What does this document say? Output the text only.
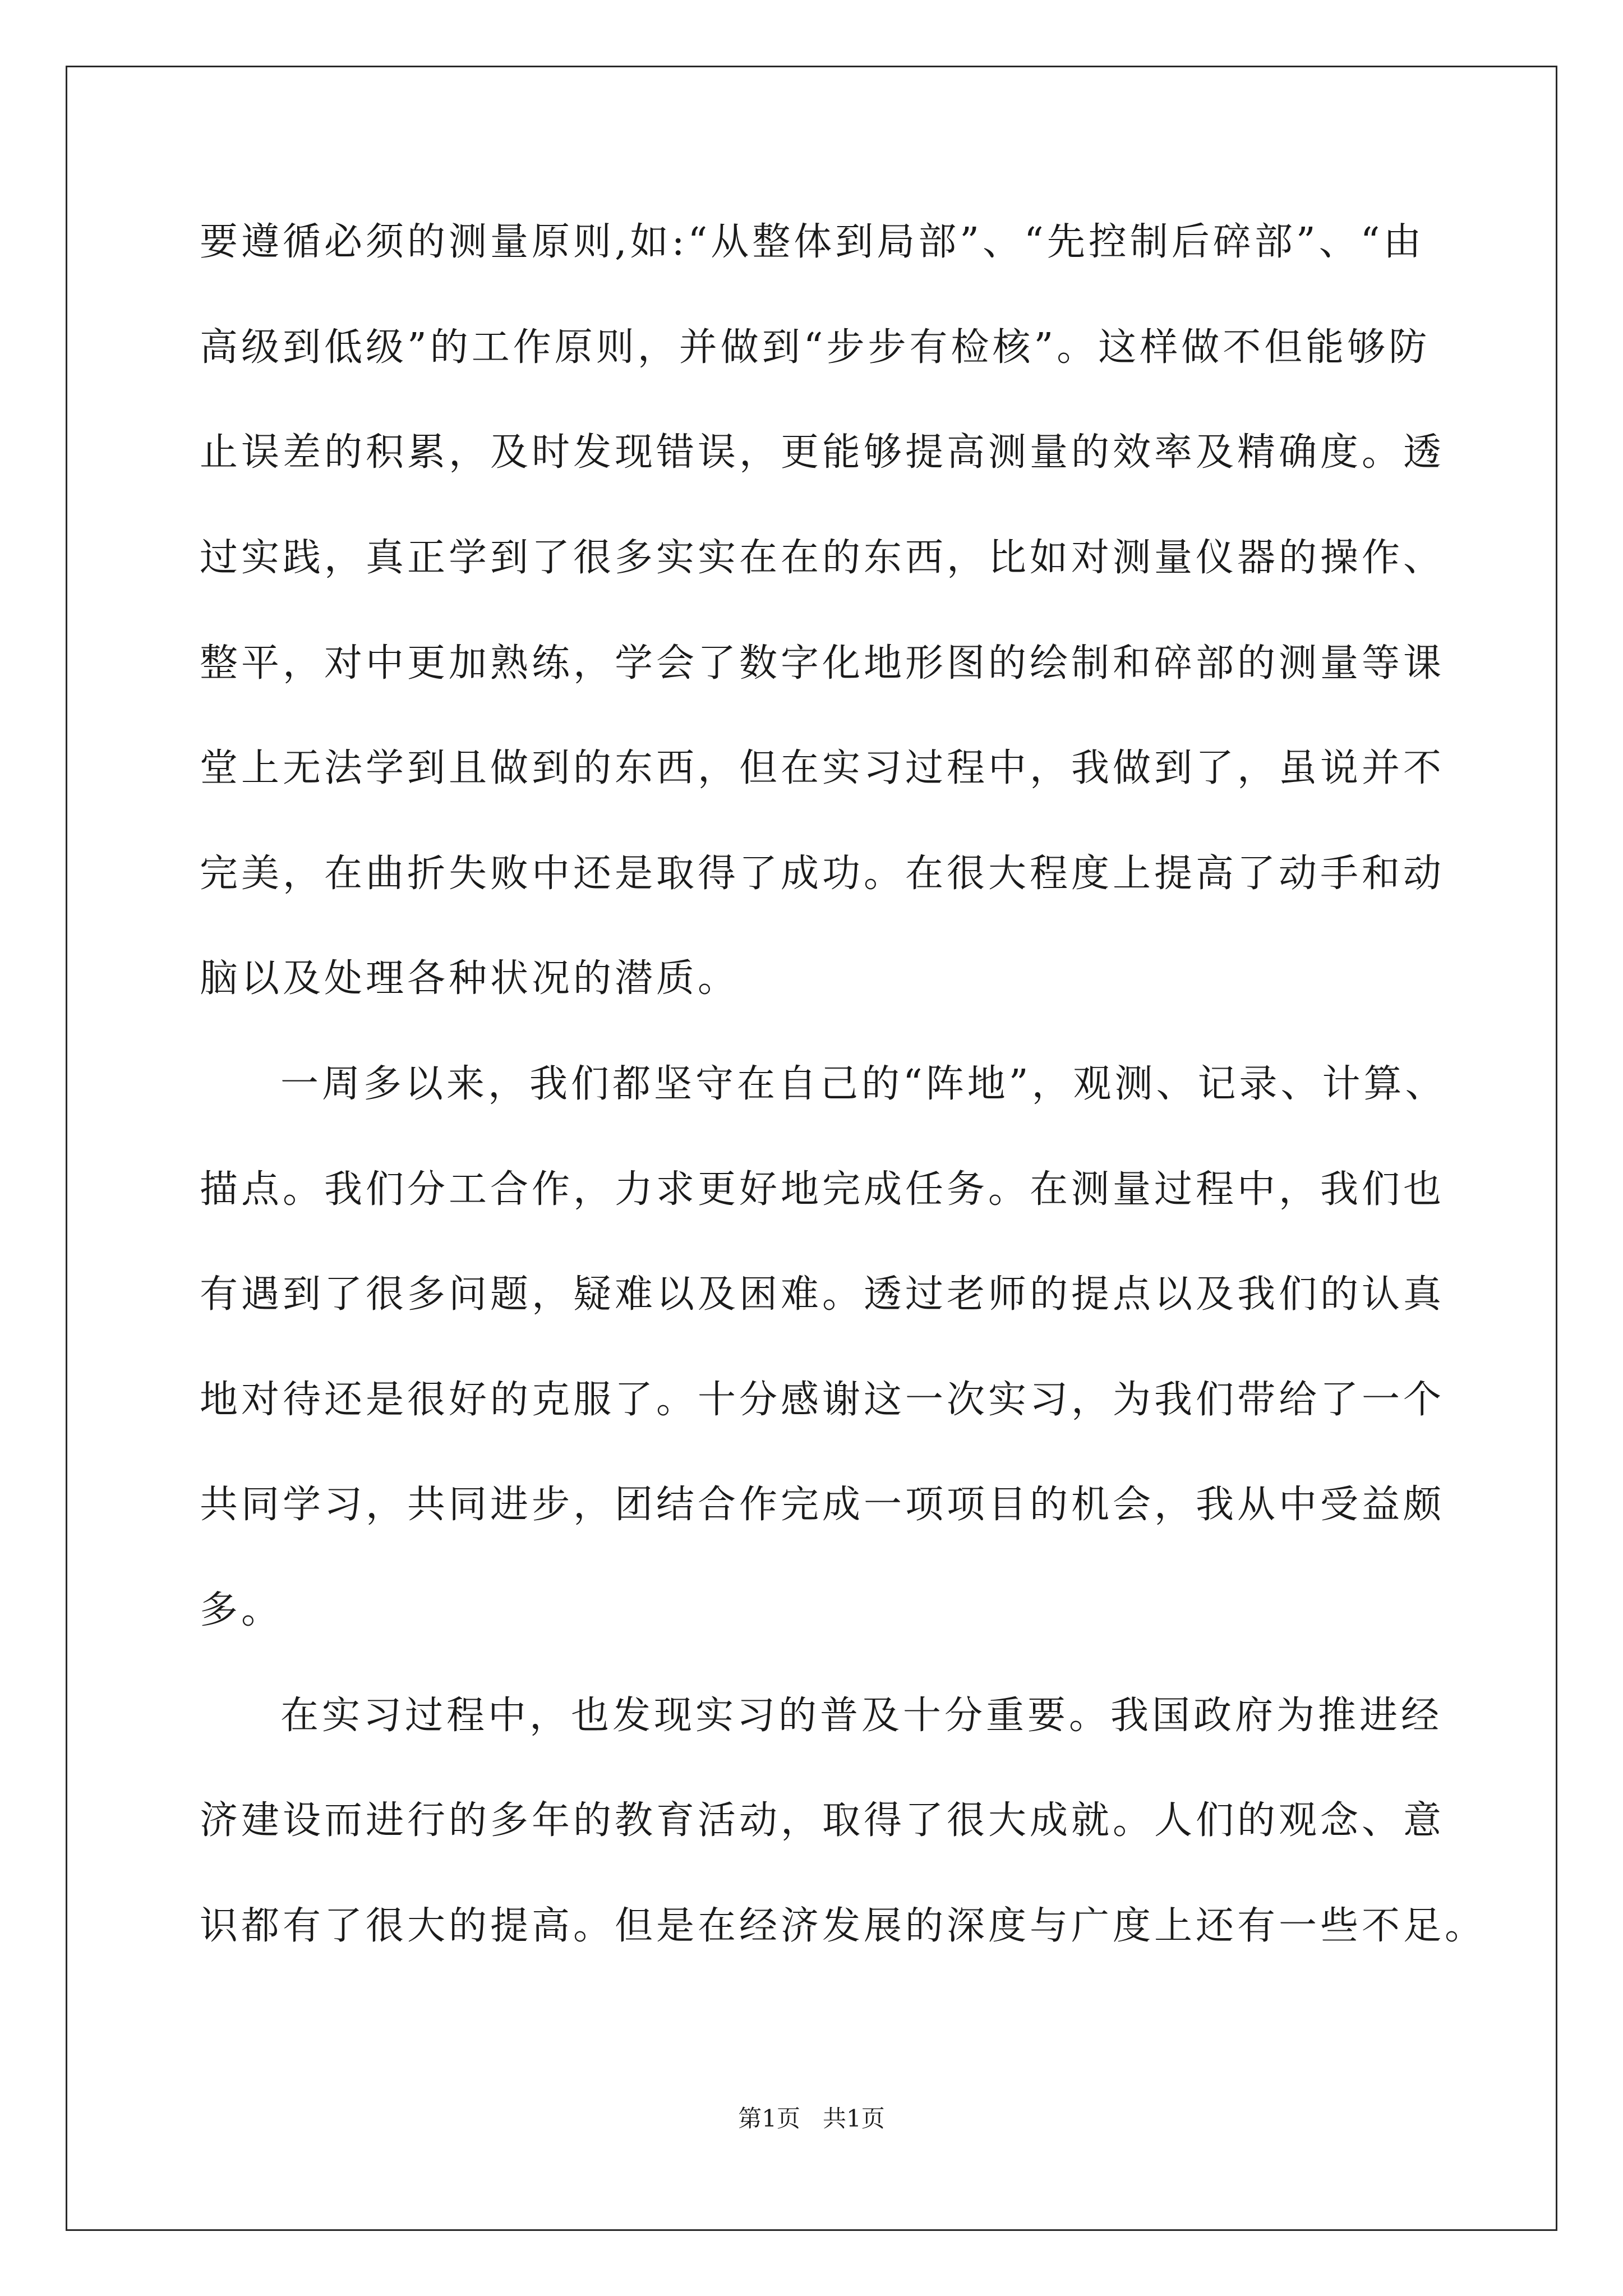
要遵循必须的测量原则,如:“从整体到局部”、“先控制后碎部”、“由
高级到低级”的工作原则，并做到“步步有检核”。这样做不但能够防
止误差的积累，及时发现错误，更能够提高测量的效率及精确度。透
过实践，真正学到了很多实实在在的东西，比如对测量仪器的操作、
整平，对中更加熟练，学会了数字化地形图的绘制和碎部的测量等课
堂上无法学到且做到的东西，但在实习过程中，我做到了，虽说并不
完美，在曲折失败中还是取得了成功。在很大程度上提高了动手和动
脑以及处理各种状况的潜质。
一周多以来，我们都坚守在自己的“阵地”，观测、记录、计算、
描点。我们分工合作，力求更好地完成任务。在测量过程中，我们也
有遇到了很多问题，疑难以及困难。透过老师的提点以及我们的认真
地对待还是很好的克服了。十分感谢这一次实习，为我们带给了一个
共同学习，共同进步，团结合作完成一项项目的机会，我从中受益颇
多。
在实习过程中，也发现实习的普及十分重要。我国政府为推进经
济建设而进行的多年的教育活动，取得了很大成就。人们的观念、意
识都有了很大的提高。但是在经济发展的深度与广度上还有一些不足。
第1页   共1页
